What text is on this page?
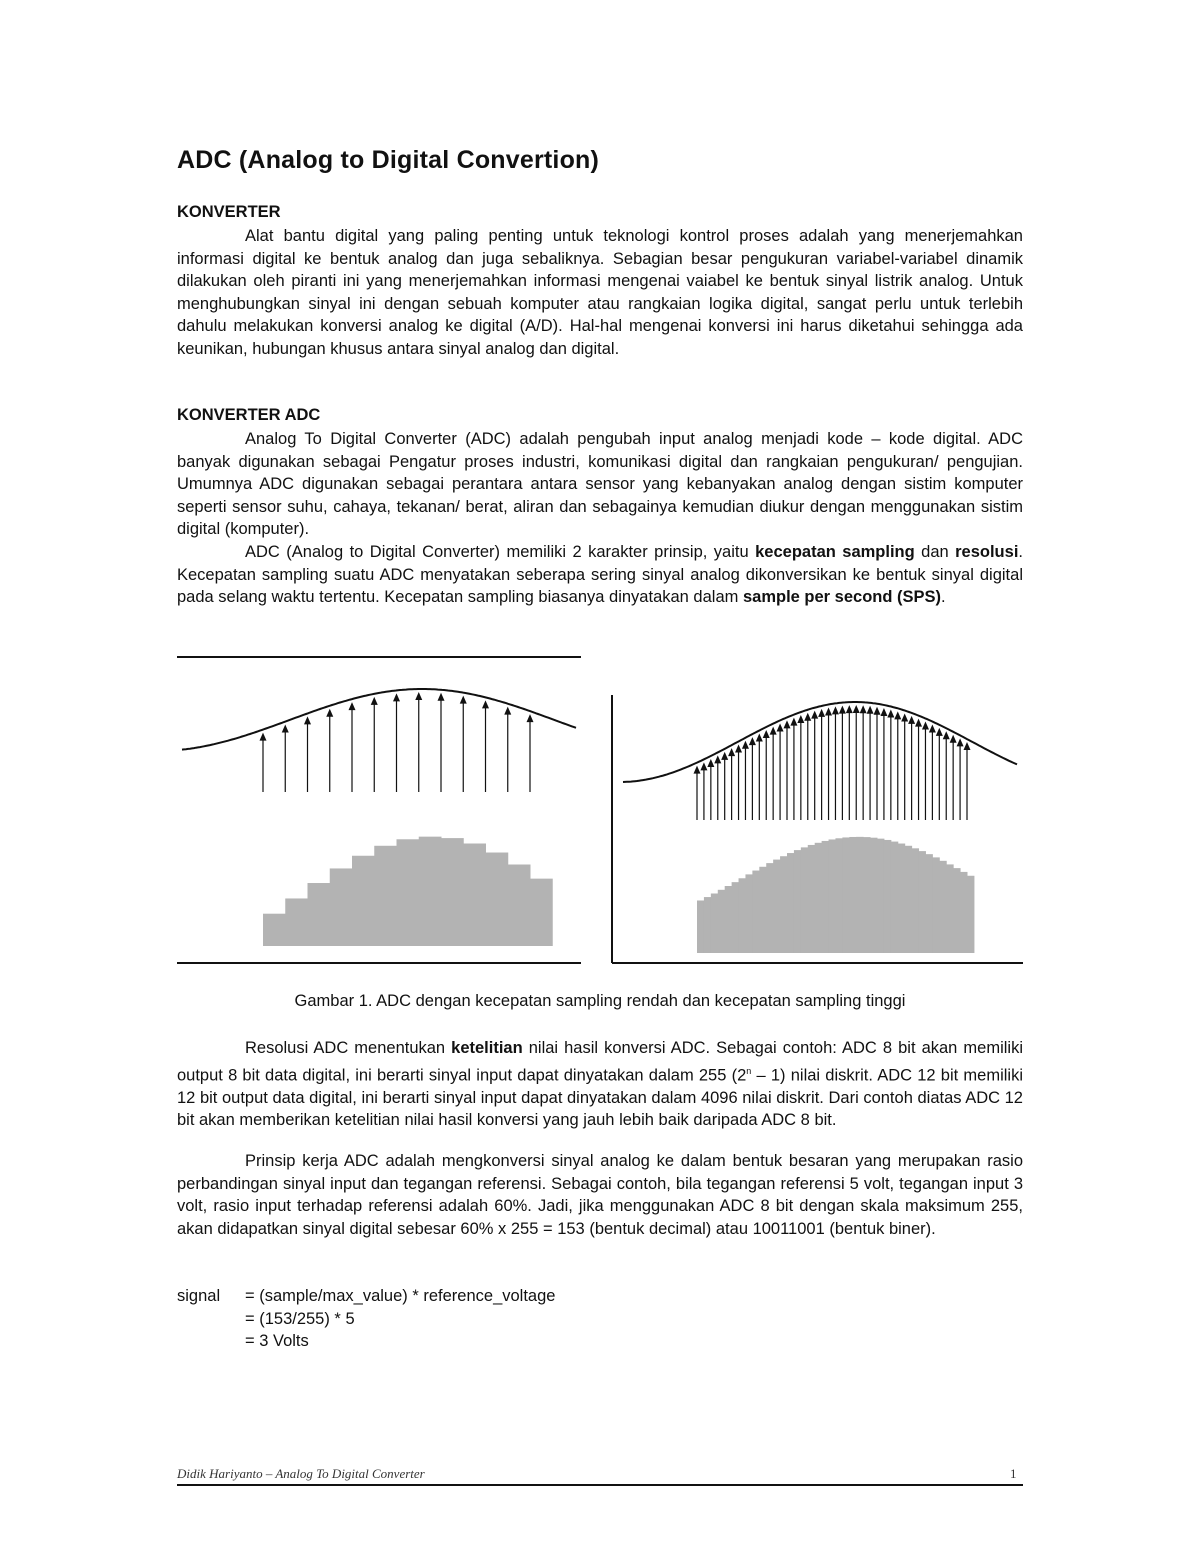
ADC (Analog to Digital Convertion)
KONVERTER

Alat bantu digital yang paling penting untuk teknologi kontrol proses adalah yang menerjemahkan informasi digital ke bentuk analog dan juga sebaliknya. Sebagian besar pengukuran variabel-variabel dinamik dilakukan oleh piranti ini yang menerjemahkan informasi mengenai vaiabel ke bentuk sinyal listrik analog. Untuk menghubungkan sinyal ini dengan sebuah komputer atau rangkaian logika digital, sangat perlu untuk terlebih dahulu melakukan konversi analog ke digital (A/D). Hal-hal mengenai konversi ini harus diketahui sehingga ada keunikan, hubungan khusus antara sinyal analog dan digital.

KONVERTER ADC

Analog To Digital Converter (ADC) adalah pengubah input analog menjadi kode – kode digital. ADC banyak digunakan sebagai Pengatur proses industri, komunikasi digital dan rangkaian pengukuran/ pengujian. Umumnya ADC digunakan sebagai perantara antara sensor yang kebanyakan analog dengan sistim komputer seperti sensor suhu, cahaya, tekanan/ berat, aliran dan sebagainya kemudian diukur dengan menggunakan sistim digital (komputer).

ADC (Analog to Digital Converter) memiliki 2 karakter prinsip, yaitu kecepatan sampling dan resolusi. Kecepatan sampling suatu ADC menyatakan seberapa sering sinyal analog dikonversikan ke bentuk sinyal digital pada selang waktu tertentu. Kecepatan sampling biasanya dinyatakan dalam sample per second (SPS).

Gambar 1. ADC dengan kecepatan sampling rendah dan kecepatan sampling tinggi

Resolusi ADC menentukan ketelitian nilai hasil konversi ADC. Sebagai contoh: ADC 8 bit akan memiliki output 8 bit data digital, ini berarti sinyal input dapat dinyatakan dalam 255 (2$^n$ – 1) nilai diskrit. ADC 12 bit memiliki 12 bit output data digital, ini berarti sinyal input dapat dinyatakan dalam 4096 nilai diskrit. Dari contoh diatas ADC 12 bit akan memberikan ketelitian nilai hasil konversi yang jauh lebih baik daripada ADC 8 bit.

Prinsip kerja ADC adalah mengkonversi sinyal analog ke dalam bentuk besaran yang merupakan rasio perbandingan sinyal input dan tegangan referensi. Sebagai contoh, bila tegangan referensi 5 volt, tegangan input 3 volt, rasio input terhadap referensi adalah 60%. Jadi, jika menggunakan ADC 8 bit dengan skala maksimum 255, akan didapatkan sinyal digital sebesar 60% x 255 = 153 (bentuk decimal) atau 10011001 (bentuk biner).

signal = (sample/max_value) * reference_voltage
= (153/255) * 5
= 3 Volts
Didik Hariyanto – Analog To Digital Converter	1
